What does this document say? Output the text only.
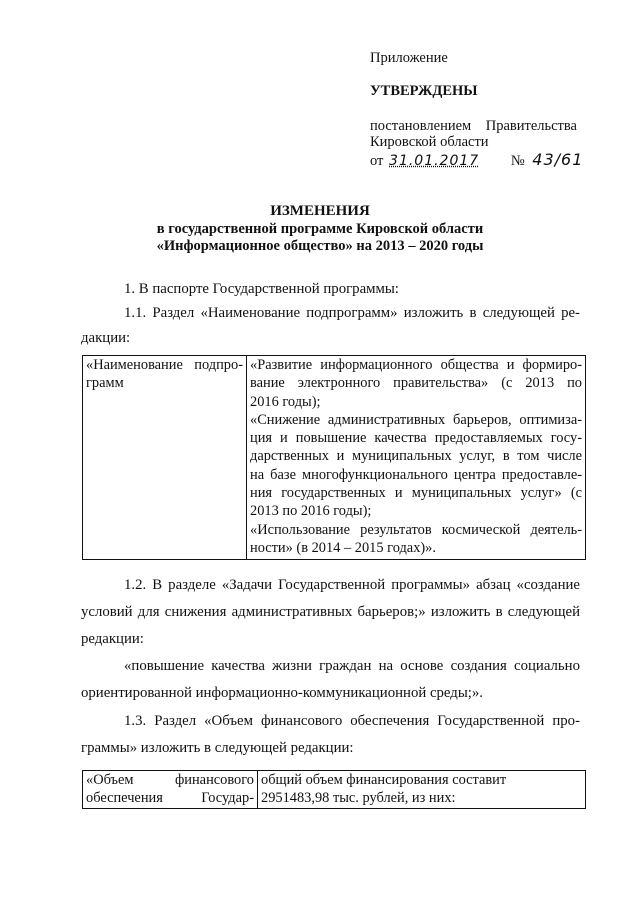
Приложение
УТВЕРЖДЕНЫ
постановлением Правительства
Кировской области
от 31.01.2017 № 43/61
ИЗМЕНЕНИЯ
в государственной программе Кировской области
«Информационное общество» на 2013 – 2020 годы
1. В паспорте Государственной программы:
1.1. Раздел «Наименование подпрограмм» изложить в следующей ре-
дакции:
«Наименование подпро-
грамм

«Развитие информационного общества и формиро-
вание электронного правительства» (с 2013 по
2016 годы);
«Снижение административных барьеров, оптимиза-
ция и повышение качества предоставляемых госу-
дарственных и муниципальных услуг, в том числе
на базе многофункционального центра предоставле-
ния государственных и муниципальных услуг» (с
2013 по 2016 годы);
«Использование результатов космической деятель-
ности» (в 2014 – 2015 годах)».
1.2. В разделе «Задачи Государственной программы» абзац «создание
условий для снижения административных барьеров;» изложить в следующей
редакции:
«повышение качества жизни граждан на основе создания социально
ориентированной информационно-коммуникационной среды;».
1.3. Раздел «Объем финансового обеспечения Государственной про-
граммы» изложить в следующей редакции:
«Объем финансового
обеспечения Государ-

общий объем финансирования составит
2951483,98 тыс. рублей, из них:
